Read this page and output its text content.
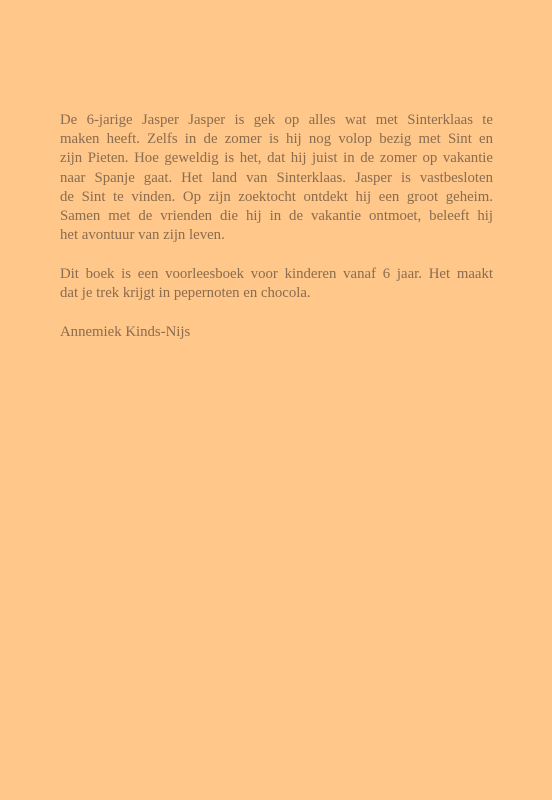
De 6-jarige Jasper Jasper is gek op alles wat met Sinterklaas te
maken heeft. Zelfs in de zomer is hij nog volop bezig met Sint en
zijn Pieten. Hoe geweldig is het, dat hij juist in de zomer op vakantie
naar Spanje gaat. Het land van Sinterklaas. Jasper is vastbesloten
de Sint te vinden. Op zijn zoektocht ontdekt hij een groot geheim.
Samen met de vrienden die hij in de vakantie ontmoet, beleeft hij
het avontuur van zijn leven.

Dit boek is een voorleesboek voor kinderen vanaf 6 jaar. Het maakt
dat je trek krijgt in pepernoten en chocola.

Annemiek Kinds-Nijs
